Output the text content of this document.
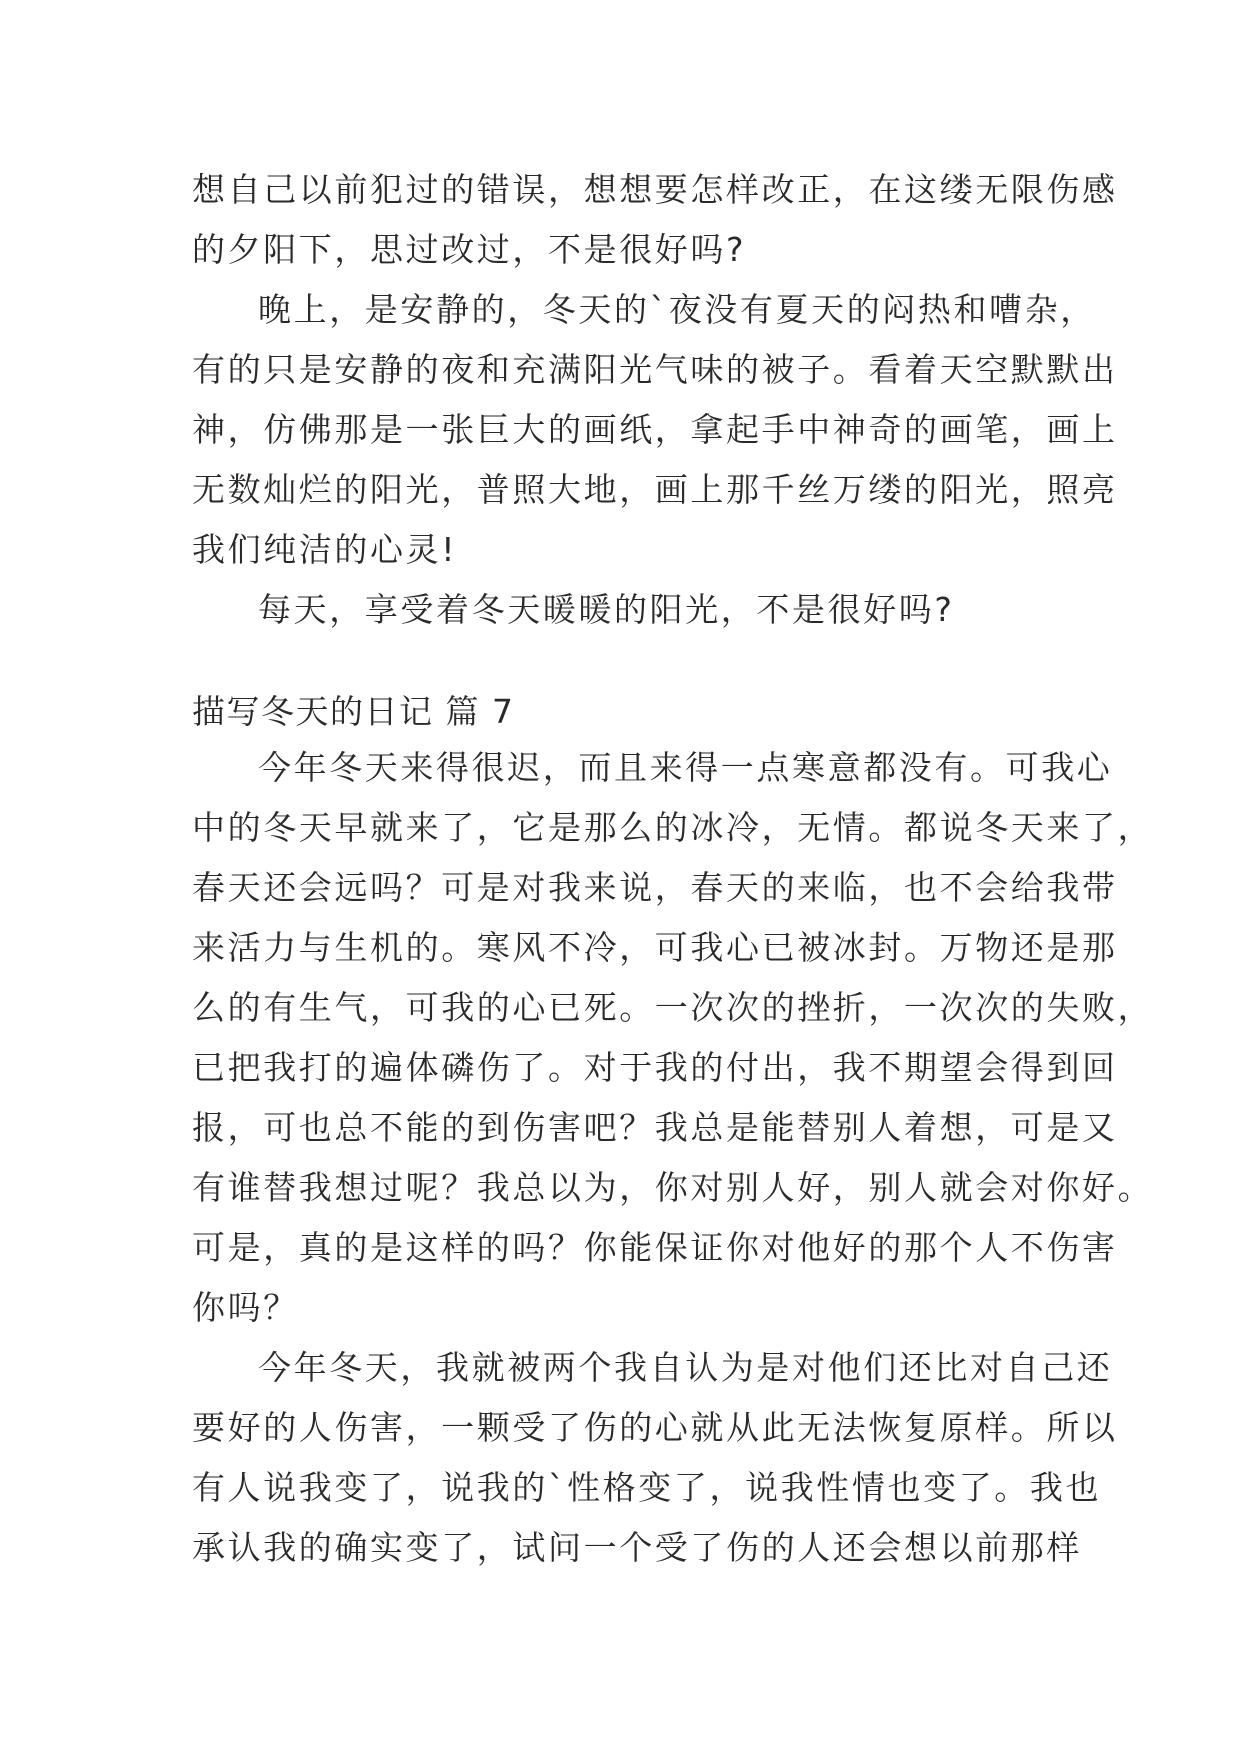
想自己以前犯过的错误，想想要怎样改正，在这缕无限伤感
的夕阳下，思过改过，不是很好吗?
晚上，是安静的，冬天的`夜没有夏天的闷热和嘈杂，
有的只是安静的夜和充满阳光气味的被子。看着天空默默出
神，仿佛那是一张巨大的画纸，拿起手中神奇的画笔，画上
无数灿烂的阳光，普照大地，画上那千丝万缕的阳光，照亮
我们纯洁的心灵!
每天，享受着冬天暖暖的阳光，不是很好吗?
描写冬天的日记 篇 7
今年冬天来得很迟，而且来得一点寒意都没有。可我心
中的冬天早就来了，它是那么的冰冷，无情。都说冬天来了，
春天还会远吗？可是对我来说，春天的来临，也不会给我带
来活力与生机的。寒风不冷，可我心已被冰封。万物还是那
么的有生气，可我的心已死。一次次的挫折，一次次的失败，
已把我打的遍体磷伤了。对于我的付出，我不期望会得到回
报，可也总不能的到伤害吧？我总是能替别人着想，可是又
有谁替我想过呢？我总以为，你对别人好，别人就会对你好。
可是，真的是这样的吗？你能保证你对他好的那个人不伤害
你吗？
今年冬天，我就被两个我自认为是对他们还比对自己还
要好的人伤害，一颗受了伤的心就从此无法恢复原样。所以
有人说我变了，说我的`性格变了，说我性情也变了。我也
承认我的确实变了，试问一个受了伤的人还会想以前那样
